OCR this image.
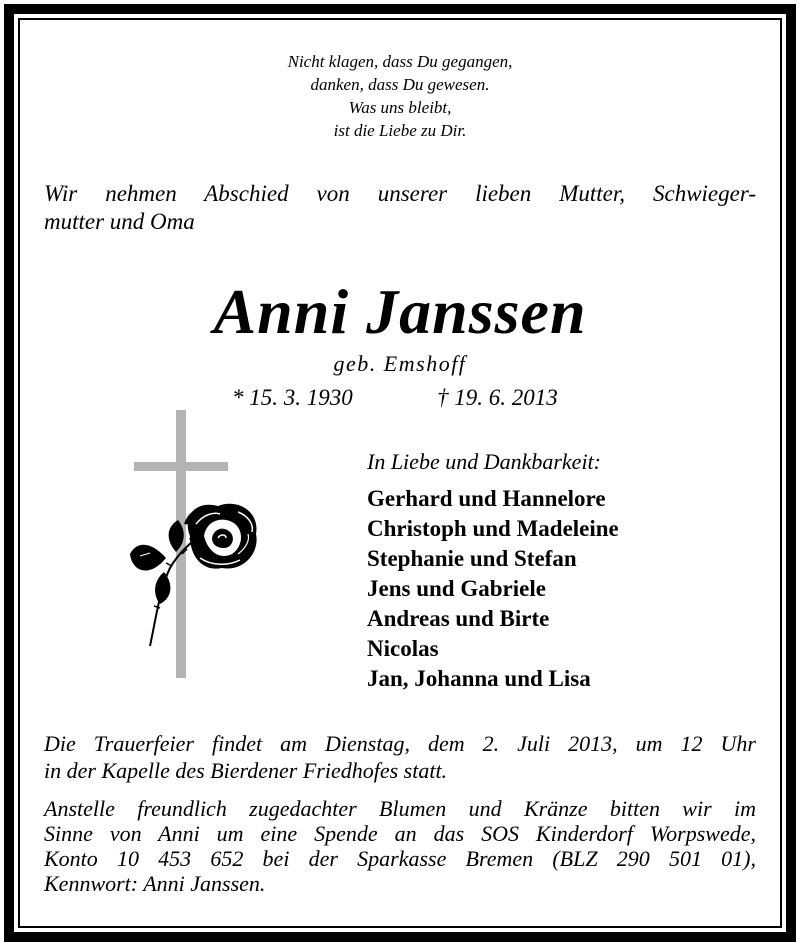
Nicht klagen, dass Du gegangen,
danken, dass Du gewesen.
Was uns bleibt,
ist die Liebe zu Dir.
Wir nehmen Abschied von unserer lieben Mutter, Schwieger-
mutter und Oma
Anni Janssen
geb. Emshoff
* 15. 3. 1930	† 19. 6. 2013
In Liebe und Dankbarkeit:
Gerhard und Hannelore
Christoph und Madeleine
Stephanie und Stefan
Jens und Gabriele
Andreas und Birte
Nicolas
Jan, Johanna und Lisa
Die Trauerfeier findet am Dienstag, dem 2. Juli 2013, um 12 Uhr
in der Kapelle des Bierdener Friedhofes statt.
Anstelle freundlich zugedachter Blumen und Kränze bitten wir im
Sinne von Anni um eine Spende an das SOS Kinderdorf Worpswede,
Konto 10 453 652 bei der Sparkasse Bremen (BLZ 290 501 01),
Kennwort: Anni Janssen.
